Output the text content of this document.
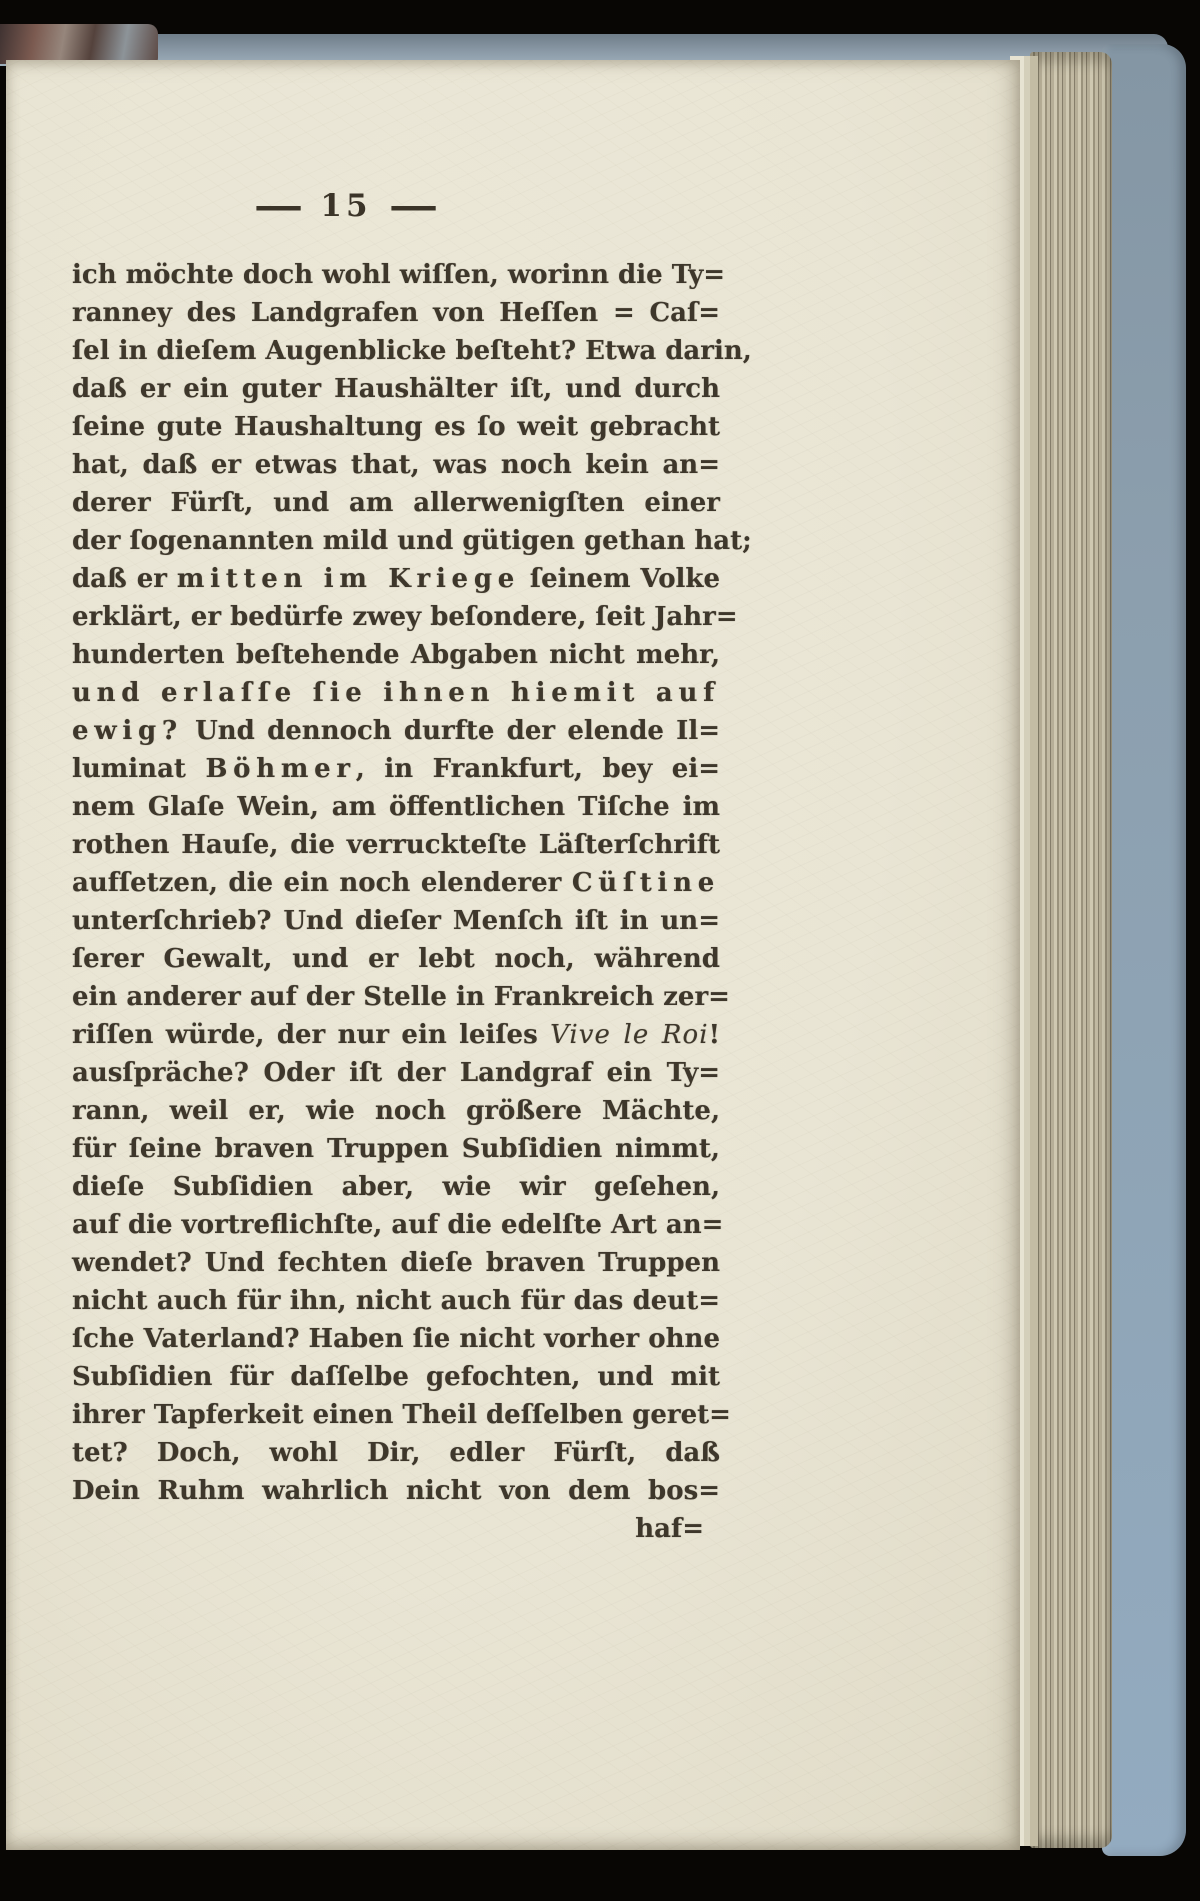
— 15 —
ich möchte doch wohl wiſſen, worinn die Ty=
ranney des Landgrafen von Heſſen = Caſ=
ſel in dieſem Augenblicke beſteht? Etwa darin,
daß er ein guter Haushälter iſt, und durch
ſeine gute Haushaltung es ſo weit gebracht
hat, daß er etwas that, was noch kein an=
derer Fürſt, und am allerwenigſten einer
der ſogenannten mild und gütigen gethan hat;
daß er mitten im Kriege ſeinem Volke
erklärt, er bedürfe zwey beſondere, ſeit Jahr=
hunderten beſtehende Abgaben nicht mehr,
und erlaſſe ſie ihnen hiemit auf
ewig? Und dennoch durfte der elende Il=
luminat Böhmer, in Frankfurt, bey ei=
nem Glaſe Wein, am öffentlichen Tiſche im
rothen Hauſe, die verruckteſte Läſterſchrift
aufſetzen, die ein noch elenderer Cüſtine
unterſchrieb? Und dieſer Menſch iſt in un=
ſerer Gewalt, und er lebt noch, während
ein anderer auf der Stelle in Frankreich zer=
riſſen würde, der nur ein leiſes Vive le Roi!
ausſpräche? Oder iſt der Landgraf ein Ty=
rann, weil er, wie noch größere Mächte,
für ſeine braven Truppen Subſidien nimmt,
dieſe Subſidien aber, wie wir geſehen,
auf die vortreflichſte, auf die edelſte Art an=
wendet? Und fechten dieſe braven Truppen
nicht auch für ihn, nicht auch für das deut=
ſche Vaterland? Haben ſie nicht vorher ohne
Subſidien für daſſelbe gefochten, und mit
ihrer Tapferkeit einen Theil deſſelben geret=
tet? Doch, wohl Dir, edler Fürſt, daß
Dein Ruhm wahrlich nicht von dem bos=
haf=
